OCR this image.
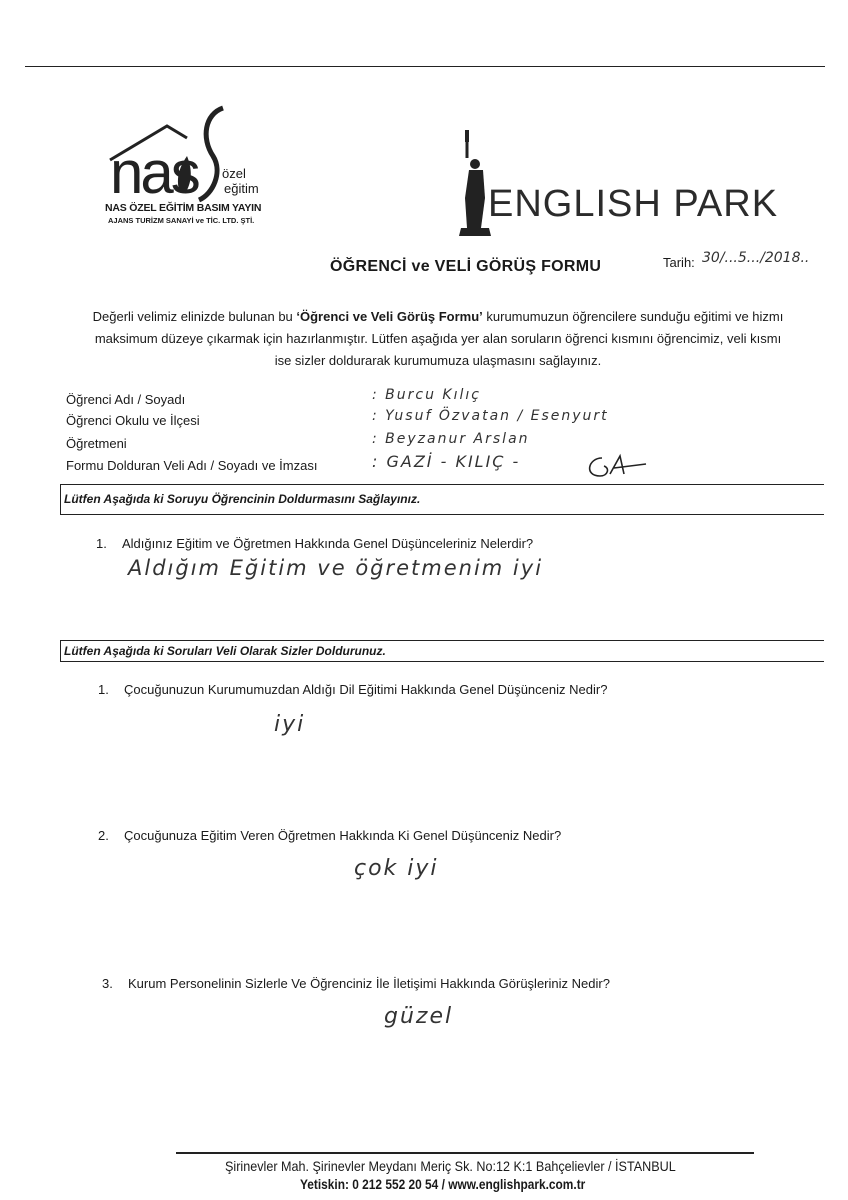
nas özel
eğitim
NAS ÖZEL EĞİTİM BASIM YAYIN
AJANS TURİZM SANAYİ ve TİC. LTD. ŞTİ.	ENGLISH PARK
ÖĞRENCİ ve VELİ GÖRÜŞ FORMU	Tarih: 30/...5.../2018..
Değerli velimiz elinizde bulunan bu ‘Öğrenci ve Veli Görüş Formu’ kurumumuzun öğrencilere sunduğu eğitimi ve hizmı
maksimum düzeye çıkarmak için hazırlanmıştır. Lütfen aşağıda yer alan soruların öğrenci kısmını öğrencimiz, veli kısmı
ise sizler doldurarak kurumumuza ulaşmasını sağlayınız.
Öğrenci Adı / Soyadı	: Burcu Kılıç
Öğrenci Okulu ve İlçesi	: Yusuf Özvatan / Esenyurt
Öğretmeni	: Beyzanur Arslan
Formu Dolduran Veli Adı / Soyadı ve İmzası	: GAZİ - KILIÇ -
Lütfen Aşağıda ki Soruyu Öğrencinin Doldurmasını Sağlayınız.
1. Aldığınız Eğitim ve Öğretmen Hakkında Genel Düşünceleriniz Nelerdir?
Aldığım Eğitim ve öğretmenim iyi
Lütfen Aşağıda ki Soruları Veli Olarak Sizler Doldurunuz.
1. Çocuğunuzun Kurumumuzdan Aldığı Dil Eğitimi Hakkında Genel Düşünceniz Nedir?
iyi
2. Çocuğunuza Eğitim Veren Öğretmen Hakkında Ki Genel Düşünceniz Nedir?
çok iyi
3. Kurum Personelinin Sizlerle Ve Öğrenciniz İle İletişimi Hakkında Görüşleriniz Nedir?
güzel
Şirinevler Mah. Şirinevler Meydanı Meriç Sk. No:12 K:1 Bahçelievler / İSTANBUL
Yetiskin: 0 212 552 20 54 / www.englishpark.com.tr
